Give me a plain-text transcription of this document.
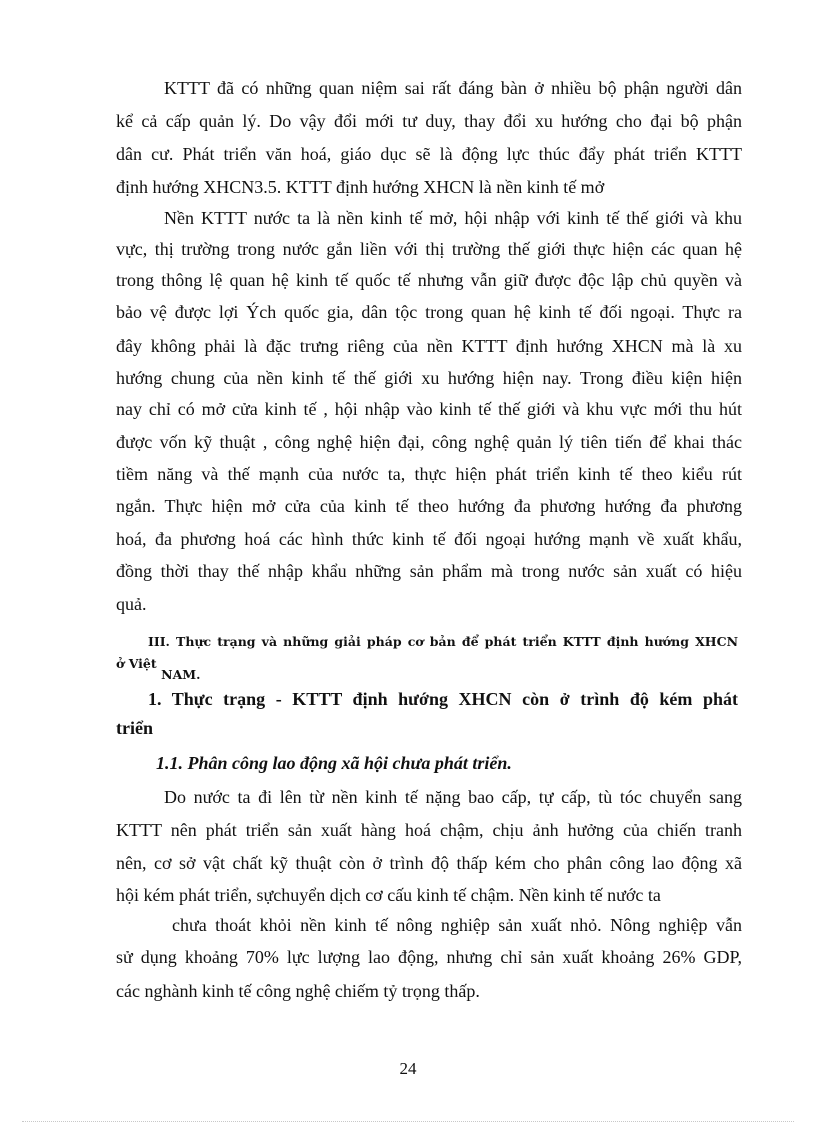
KTTT đã có những quan niệm sai rất đáng bàn ở nhiều bộ phận người dân
kể cả cấp quản lý. Do vậy đổi mới tư duy, thay đổi xu hướng cho đại bộ phận
dân cư. Phát triển văn hoá, giáo dục sẽ là động lực thúc đẩy phát triển KTTT
định hướng XHCN3.5. KTTT định hướng XHCN là nền kinh tế mở
Nền KTTT nước ta là nền kinh tế mở, hội nhập với kinh tế thế giới và khu
vực, thị trường trong nước gắn liền với thị trường thế giới thực hiện các quan hệ
trong thông lệ quan hệ kinh tế quốc tế nhưng vẫn giữ được độc lập chủ quyền và
bảo vệ được lợi Ých quốc gia, dân tộc trong quan hệ kinh tế đối ngoại. Thực ra
đây không phải là đặc trưng riêng của nền KTTT định hướng XHCN mà là xu
hướng chung của nền kinh tế thế giới xu hướng hiện nay. Trong điều kiện hiện
nay chỉ có mở cửa kinh tế , hội nhập vào kinh tế thế giới và khu vực mới thu hút
được vốn kỹ thuật , công nghệ hiện đại, công nghệ quản lý tiên tiến để khai thác
tiềm năng và thế mạnh của nước ta, thực hiện phát triển kinh tế theo kiểu rút
ngắn. Thực hiện mở cửa của kinh tế theo hướng đa phương hướng đa phương
hoá, đa phương hoá các hình thức kinh tế đối ngoại hướng mạnh về xuất khẩu,
đồng thời thay thế nhập khẩu những sản phẩm mà trong nước sản xuất có hiệu
quả.
III. Thực trạng và những giải pháp cơ bản để phát triển KTTT định hướng XHCN
$^{ở Việt}$ $_{NAM.}$
1. Thực trạng - KTTT định hướng XHCN còn ở trình độ kém phát
triển
1.1. Phân công lao động xã hội chưa phát triển.
Do nước ta đi lên từ nền kinh tế nặng bao cấp, tự cấp, tù tóc chuyển sang
KTTT nên phát triển sản xuất hàng hoá chậm, chịu ảnh hưởng của chiến tranh
nên, cơ sở vật chất kỹ thuật còn ở trình độ thấp kém cho phân công lao động xã
hội kém phát triển, sựchuyển dịch cơ cấu kinh tế chậm. Nền kinh tế nước ta
chưa thoát khỏi nền kinh tế nông nghiệp sản xuất nhỏ. Nông nghiệp vẫn
sử dụng khoảng 70% lực lượng lao động, nhưng chỉ sản xuất khoảng 26% GDP,
các nghành kinh tế công nghệ chiếm tỷ trọng thấp.
24
